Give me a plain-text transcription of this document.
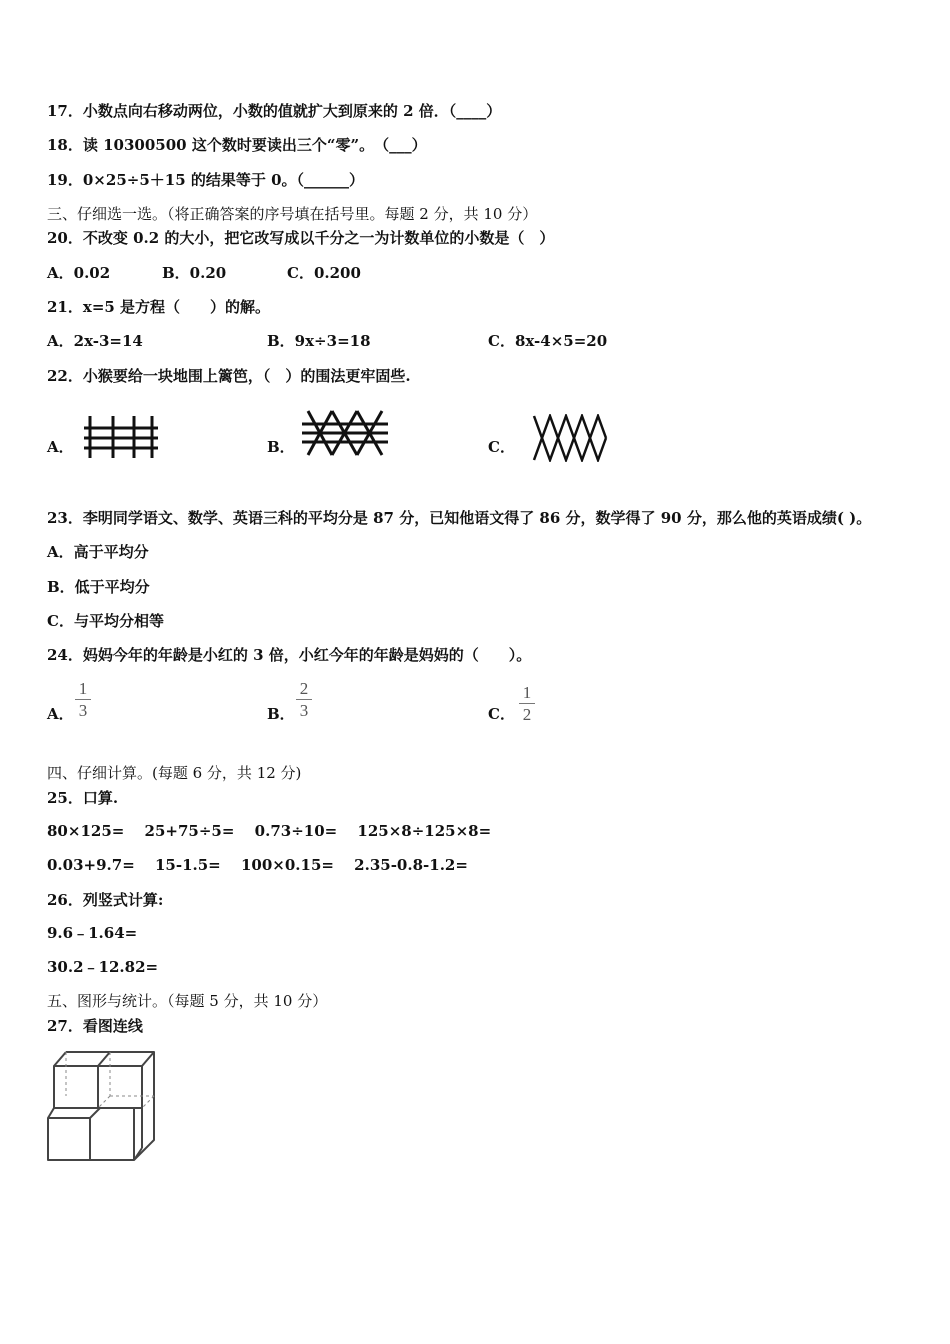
17．小数点向右移动两位，小数的值就扩大到原来的 2 倍．（____）
18．读 10300500 这个数时要读出三个“零”。　（___）
19．0×25÷5＋15 的结果等于 0。（______）
三、仔细选一选。（将正确答案的序号填在括号里。每题 2 分，共 10 分）
20．不改变 0.2 的大小，把它改写成以千分之一为计数单位的小数是（　）
A．0.02	B．0.20	C．0.200
21．x=5 是方程（　　）的解。
A．2x-3=14	B．9x÷3=18	C．8x-4×5=20
22．小猴要给一块地围上篱笆，（　）的围法更牢固些.
A．	B．	C．
23．李明同学语文、数学、英语三科的平均分是 87 分，已知他语文得了 86 分，数学得了 90 分，那么他的英语成绩( )。
A．高于平均分
B．低于平均分
C．与平均分相等
24．妈妈今年的年龄是小红的 3 倍，小红今年的年龄是妈妈的（　　）。
A．
1
3	B．
2
3	C．
1
2
四、仔细计算。(每题 6 分，共 12 分)
25．口算.
80×125=　 25+75÷5=　 0.73÷10=　 125×8÷125×8=
0.03+9.7=　 15-1.5=　 100×0.15=　 2.35-0.8-1.2=
26．列竖式计算:
9.6﹣1.64=
30.2﹣12.82=
五、图形与统计。（每题 5 分，共 10 分）
27．看图连线
